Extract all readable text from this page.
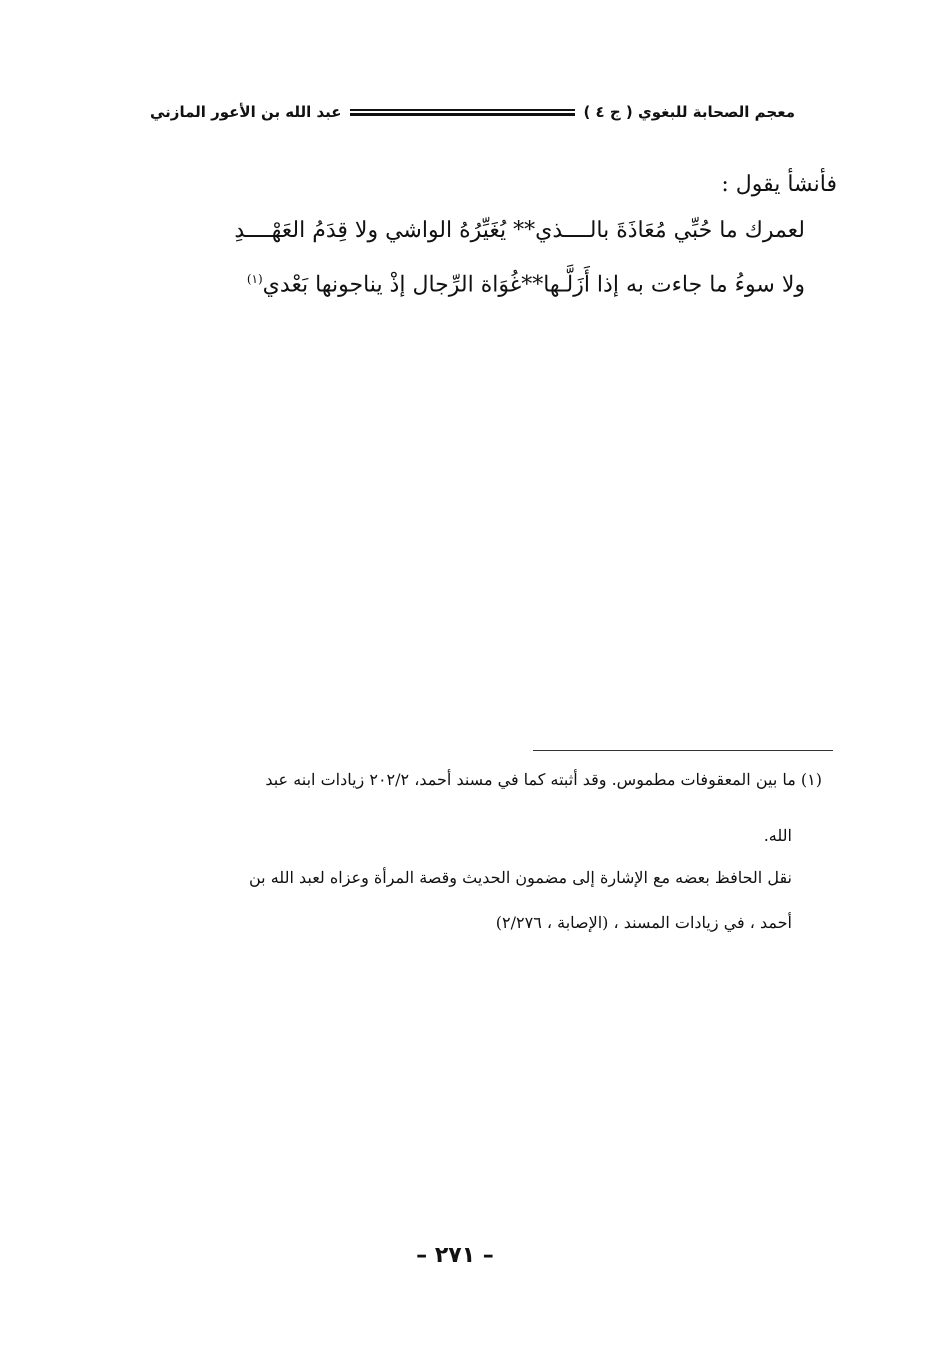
معجم الصحابة للبغوي ( ج ٤ )
عبد الله بن الأعور المازني
فأنشأ يقول :
لعمرك ما حُبِّي مُعَاذَةَ بالــــذي** يُغَيِّرُهُ الواشي ولا قِدَمُ العَهْــــدِ
ولا سوءُ ما جاءت به إذا أَزَلَّـها**غُوَاة الرِّجال إذْ يناجونها بَعْدي$^{(١)}$
(١) ما بين المعقوفات مطموس. وقد أثبته كما في مسند أحمد، ٢٠٢/٢ زيادات ابنه عبد
الله.
نقل الحافظ بعضه مع الإشارة إلى مضمون الحديث وقصة المرأة وعزاه لعبد الله بن
أحمد ، في زيادات المسند ، (الإصابة ، ٢/٢٧٦)
– ٢٧١ –
